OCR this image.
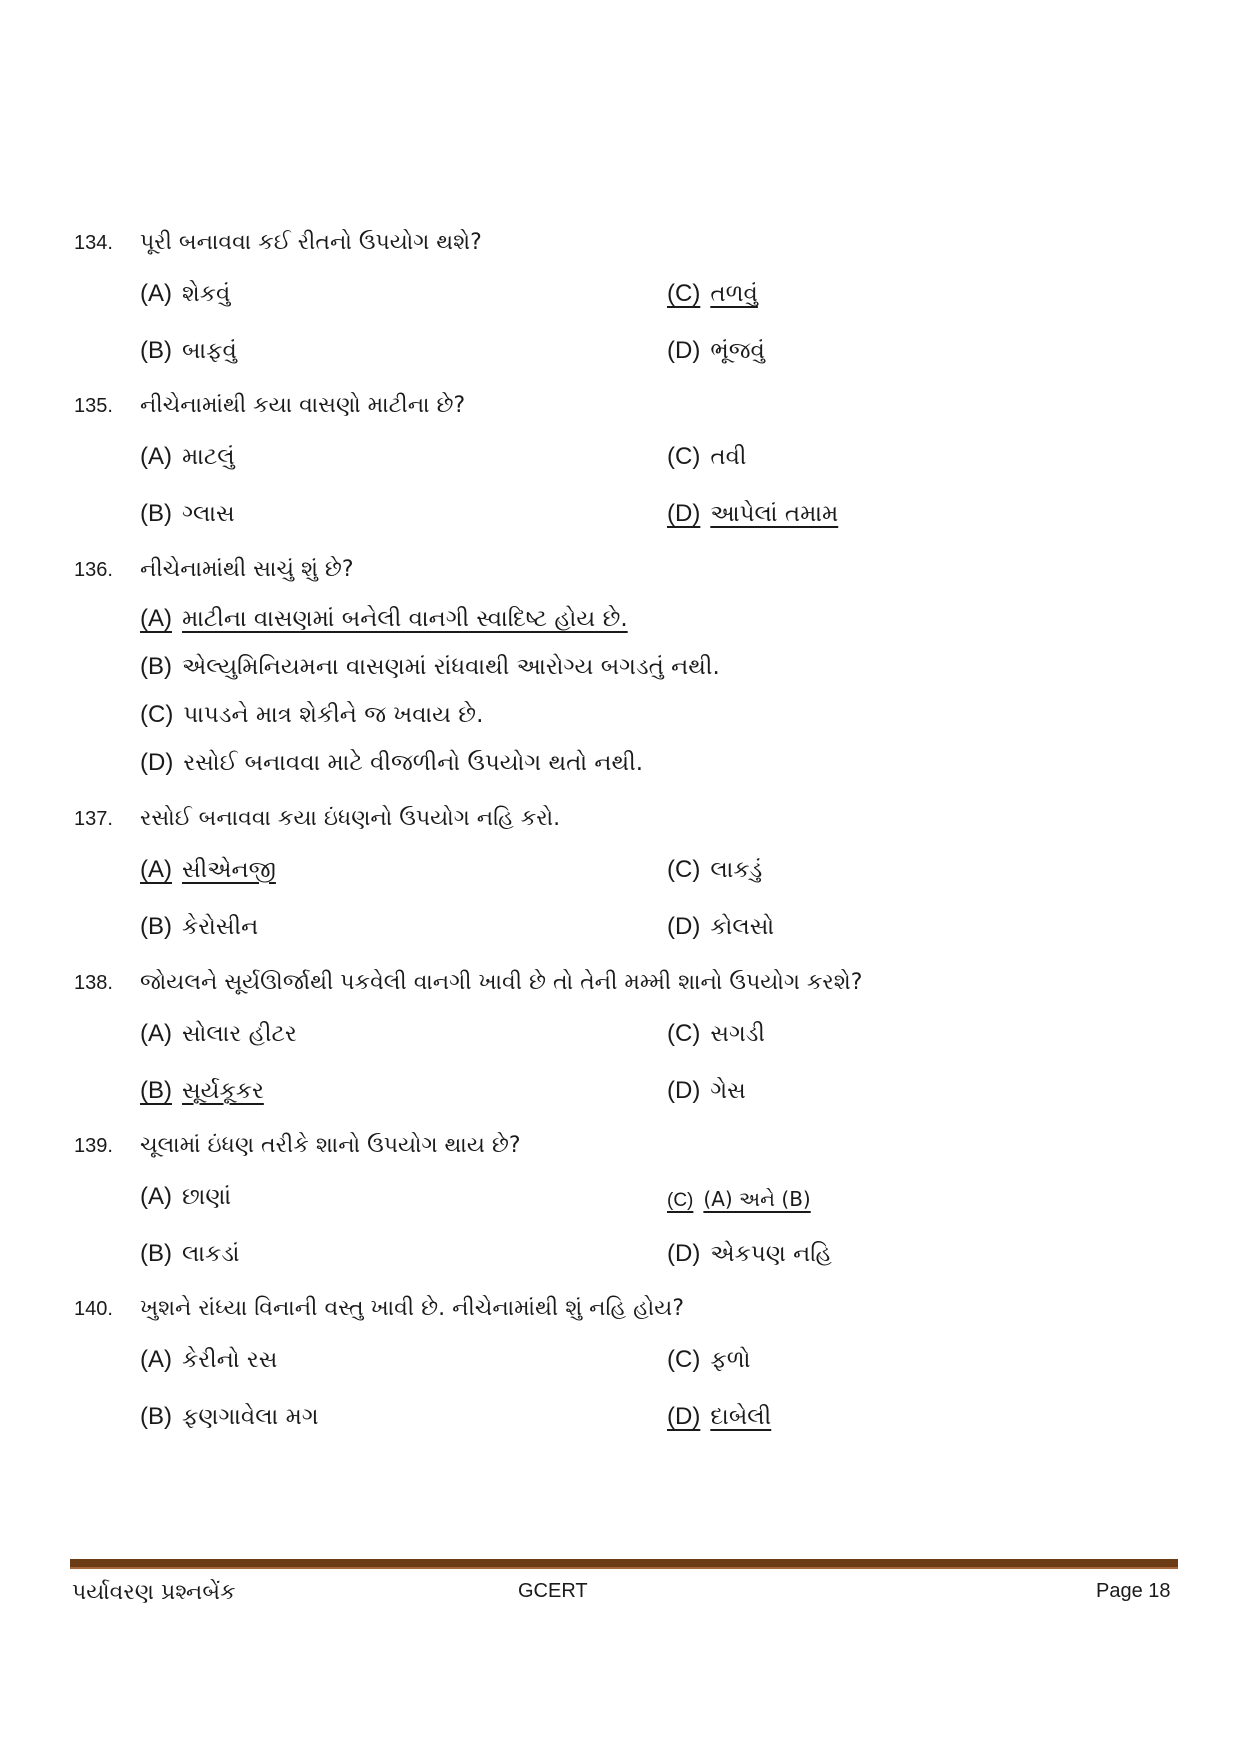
134. પૂરી બનાવવા કઈ રીતનો ઉપયોગ થશે?
(A) શેકવું
(B) બાફવું
(C) તળવું
(D) ભૂંજવું
135. નીચેનામાંથી કયા વાસણો માટીના છે?
(A) માટલું
(B) ગ્લાસ
(C) તવી
(D) આપેલાં તમામ
136. નીચેનામાંથી સાચું શું છે?
(A) માટીના વાસણમાં બનેલી વાનગી સ્વાદિષ્ટ હોય છે.
(B) એલ્યુમિનિયમના વાસણમાં રાંધવાથી આરોગ્ય બગડતું નથી.
(C) પાપડને માત્ર શેકીને જ ખવાય છે.
(D) રસોઈ બનાવવા માટે વીજળીનો ઉપયોગ થતો નથી.
137. રસોઈ બનાવવા કયા ઇંધણનો ઉપયોગ નહિ કરો.
(A) સીએનજી
(B) કેરોસીન
(C) લાકડું
(D) કોલસો
138. જોયલને સૂર્યઊર્જાથી પકવેલી વાનગી ખાવી છે તો તેની મમ્મી શાનો ઉપયોગ કરશે?
(A) સોલાર હીટર
(B) સૂર્યકૂકર
(C) સગડી
(D) ગેસ
139. ચૂલામાં ઇંધણ તરીકે શાનો ઉપયોગ થાય છે?
(A) છાણાં
(B) લાકડાં
(C) (A) અને (B)
(D) એકપણ નહિ
140. ખુશને રાંધ્યા વિનાની વસ્તુ ખાવી છે. નીચેનામાંથી શું નહિ હોય?
(A) કેરીનો રસ
(B) ફણગાવેલા મગ
(C) ફળો
(D) દાબેલી
પર્યાવરણ પ્રશ્નબેંક	GCERT	Page 18
